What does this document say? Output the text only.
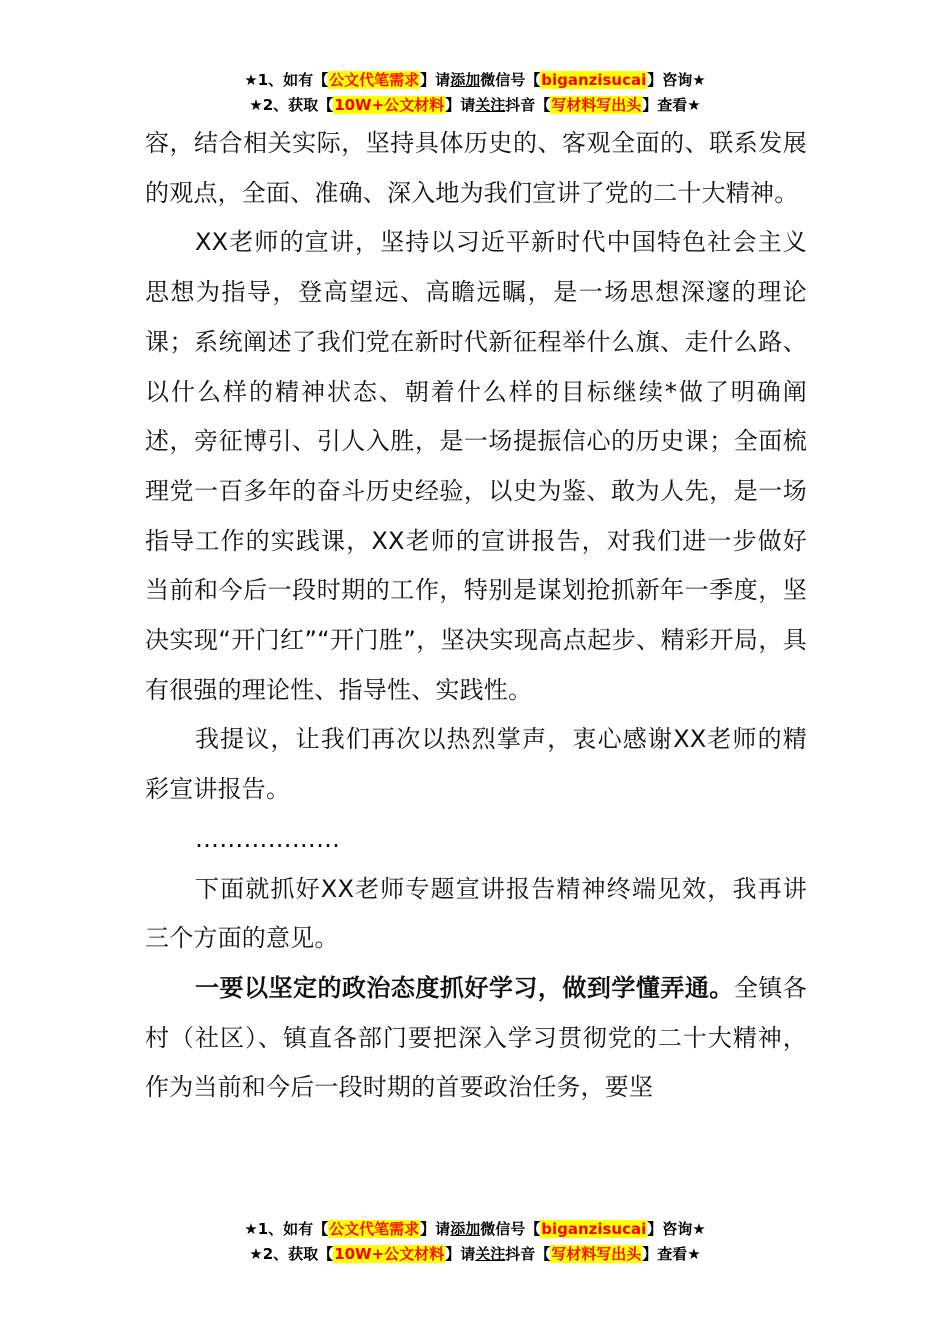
★1、如有【公文代笔需求】请添加微信号【biganzisucai】咨询★
★2、获取【10W+公文材料】请关注抖音【写材料写出头】查看★

容，结合相关实际，坚持具体历史的、客观全面的、联系发展的观点，全面、准确、深入地为我们宣讲了党的二十大精神。

XX老师的宣讲，坚持以习近平新时代中国特色社会主义思想为指导，登高望远、高瞻远瞩，是一场思想深邃的理论课；系统阐述了我们党在新时代新征程举什么旗、走什么路、以什么样的精神状态、朝着什么样的目标继续*做了明确阐述，旁征博引、引人入胜，是一场提振信心的历史课；全面梳理党一百多年的奋斗历史经验，以史为鉴、敢为人先，是一场指导工作的实践课，XX老师的宣讲报告，对我们进一步做好当前和今后一段时期的工作，特别是谋划抢抓新年一季度，坚决实现“开门红”“开门胜”，坚决实现高点起步、精彩开局，具有很强的理论性、指导性、实践性。

我提议，让我们再次以热烈掌声，衷心感谢XX老师的精彩宣讲报告。

………………

下面就抓好XX老师专题宣讲报告精神终端见效，我再讲三个方面的意见。

一要以坚定的政治态度抓好学习，做到学懂弄通。全镇各村（社区）、镇直各部门要把深入学习贯彻党的二十大精神，作为当前和今后一段时期的首要政治任务，要坚

★1、如有【公文代笔需求】请添加微信号【biganzisucai】咨询★
★2、获取【10W+公文材料】请关注抖音【写材料写出头】查看★
